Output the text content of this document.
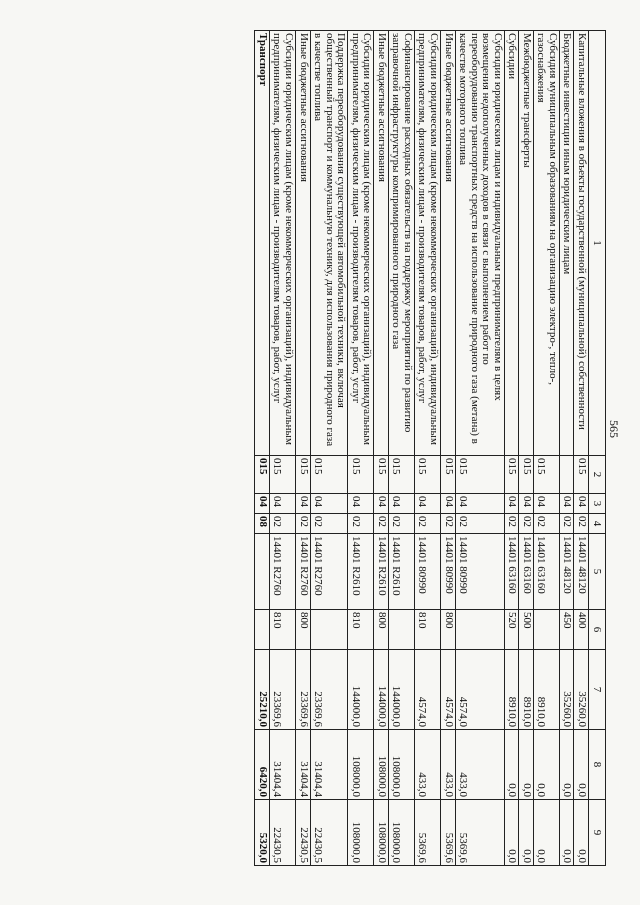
565
1	2	3	4	5	6	7	8	9
Капитальные вложения в объекты государственной (муниципальной) собственности	015	04	02	14401 48120	400	35260,0	0,0	0,0
Бюджетные инвестиции иным юридическим лицам		04	02	14401 48120	450	35260,0	0,0	0,0
Субсидия муниципальным образованиям на организацию электро-, тепло-, газоснабжения	015	04	02	14401 63160		8910,0	0,0	0,0
Межбюджетные трансферты	015	04	02	14401 63160	500	8910,0	0,0	0,0
Субсидии	015	04	02	14401 63160	520	8910,0	0,0	0,0
Субсидии юридическим лицам и индивидуальным предпринимателям в целях возмещения недополученных доходов в связи с выполнением работ по переоборудованию транспортных средств на использование природного газа (метана) в качестве моторного топлива	015	04	02	14401 80990		4574,0	433,0	5369,6
Иные бюджетные ассигнования	015	04	02	14401 80990	800	4574,0	433,0	5369,6
Субсидии юридическим лицам (кроме некоммерческих организаций), индивидуальным предпринимателям, физическим лицам - производителям товаров, работ, услуг	015	04	02	14401 80990	810	4574,0	433,0	5369,6
Софинансирование расходных обязательств на поддержку мероприятий по развитию заправочной инфраструктуры компримированного природного газа	015	04	02	14401 R2610		144000,0	108000,0	108000,0
Иные бюджетные ассигнования	015	04	02	14401 R2610	800	144000,0	108000,0	108000,0
Субсидии юридическим лицам (кроме некоммерческих организаций), индивидуальным предпринимателям, физическим лицам - производителям товаров, работ, услуг	015	04	02	14401 R2610	810	144000,0	108000,0	108000,0
Поддержка переоборудования существующей автомобильной техники, включая общественный транспорт и коммунальную технику, для использования природного газа в качестве топлива	015	04	02	14401 R2760		23369,6	31404,4	22430,5
Иные бюджетные ассигнования	015	04	02	14401 R2760	800	23369,6	31404,4	22430,5
Субсидии юридическим лицам (кроме некоммерческих организаций), индивидуальным предпринимателям, физическим лицам - производителям товаров, работ, услуг	015	04	02	14401 R2760	810	23369,6	31404,4	22430,5
Транспорт	015	04	08			25210,0	6420,0	5320,0
